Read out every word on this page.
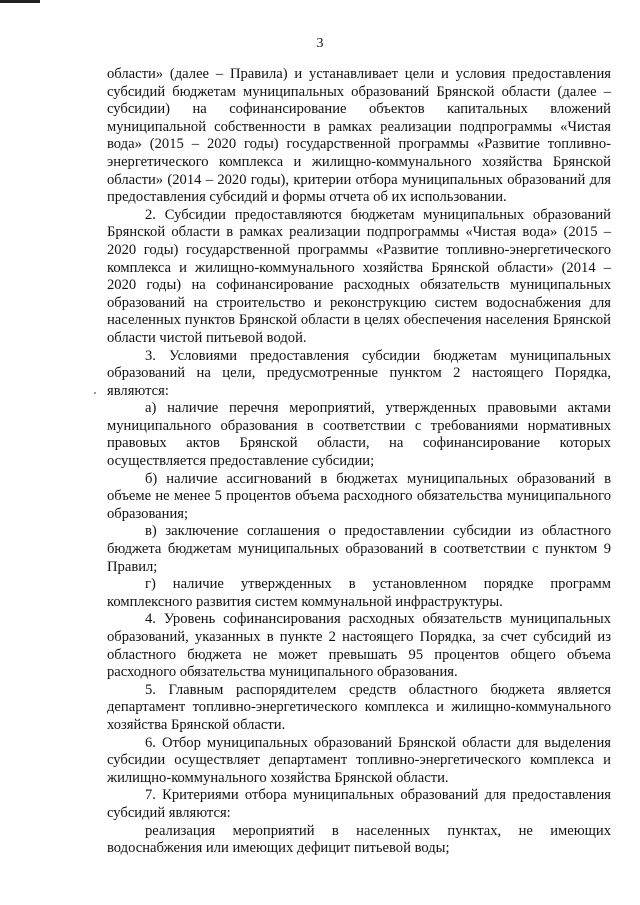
3

области» (далее – Правила) и устанавливает цели и условия предоставления субсидий бюджетам муниципальных образований Брянской области (далее – субсидии) на софинансирование объектов капитальных вложений муниципальной собственности в рамках реализации подпрограммы «Чистая вода» (2015 – 2020 годы) государственной программы «Развитие топливно-энергетического комплекса и жилищно-коммунального хозяйства Брянской области» (2014 – 2020 годы), критерии отбора муниципальных образований для предоставления субсидий и формы отчета об их использовании.

2. Субсидии предоставляются бюджетам муниципальных образований Брянской области в рамках реализации подпрограммы «Чистая вода» (2015 – 2020 годы) государственной программы «Развитие топливно-энергетического комплекса и жилищно-коммунального хозяйства Брянской области» (2014 – 2020 годы) на софинансирование расходных обязательств муниципальных образований на строительство и реконструкцию систем водоснабжения для населенных пунктов Брянской области в целях обеспечения населения Брянской области чистой питьевой водой.

3. Условиями предоставления субсидии бюджетам муниципальных образований на цели, предусмотренные пунктом 2 настоящего Порядка, являются:

а) наличие перечня мероприятий, утвержденных правовыми актами муниципального образования в соответствии с требованиями нормативных правовых актов Брянской области, на софинансирование которых осуществляется предоставление субсидии;

б) наличие ассигнований в бюджетах муниципальных образований в объеме не менее 5 процентов объема расходного обязательства муниципального образования;

в) заключение соглашения о предоставлении субсидии из областного бюджета бюджетам муниципальных образований в соответствии с пунктом 9 Правил;

г) наличие утвержденных в установленном порядке программ комплексного развития систем коммунальной инфраструктуры.

4. Уровень софинансирования расходных обязательств муниципальных образований, указанных в пункте 2 настоящего Порядка, за счет субсидий из областного бюджета не может превышать 95 процентов общего объема расходного обязательства муниципального образования.

5. Главным распорядителем средств областного бюджета является департамент топливно-энергетического комплекса и жилищно-коммунального хозяйства Брянской области.

6. Отбор муниципальных образований Брянской области для выделения субсидии осуществляет департамент топливно-энергетического комплекса и жилищно-коммунального хозяйства Брянской области.

7. Критериями отбора муниципальных образований для предоставления субсидий являются:

реализация мероприятий в населенных пунктах, не имеющих водоснабжения или имеющих дефицит питьевой воды;
